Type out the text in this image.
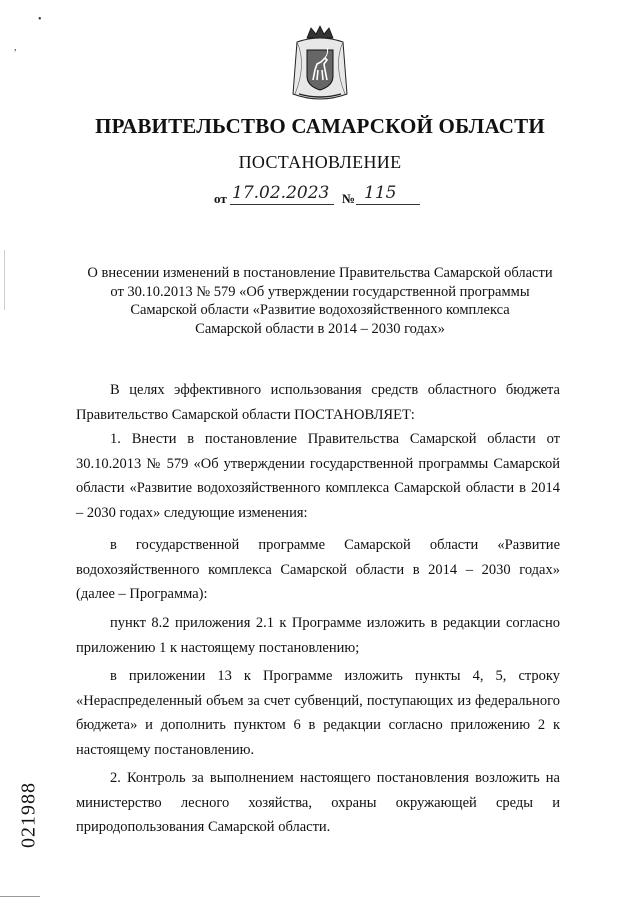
ПРАВИТЕЛЬСТВО САМАРСКОЙ ОБЛАСТИ
ПОСТАНОВЛЕНИЕ
от 17.02.2023 № 115
О внесении изменений в постановление Правительства Самарской области
от 30.10.2013 № 579 «Об утверждении государственной программы
Самарской области «Развитие водохозяйственного комплекса
Самарской области в 2014 – 2030 годах»

В целях эффективного использования средств областного бюджета Правительство Самарской области ПОСТАНОВЛЯЕТ:

1. Внести в постановление Правительства Самарской области от 30.10.2013 № 579 «Об утверждении государственной программы Самарской области «Развитие водохозяйственного комплекса Самарской области в 2014 – 2030 годах» следующие изменения:

в государственной программе Самарской области «Развитие водохозяйственного комплекса Самарской области в 2014 – 2030 годах» (далее – Программа):

пункт 8.2 приложения 2.1 к Программе изложить в редакции согласно приложению 1 к настоящему постановлению;

в приложении 13 к Программе изложить пункты 4, 5, строку «Нераспределенный объем за счет субвенций, поступающих из федерального бюджета» и дополнить пунктом 6 в редакции согласно приложению 2 к настоящему постановлению.

2. Контроль за выполнением настоящего постановления возложить на министерство лесного хозяйства, охраны окружающей среды и природопользования Самарской области.

021988
•
,
